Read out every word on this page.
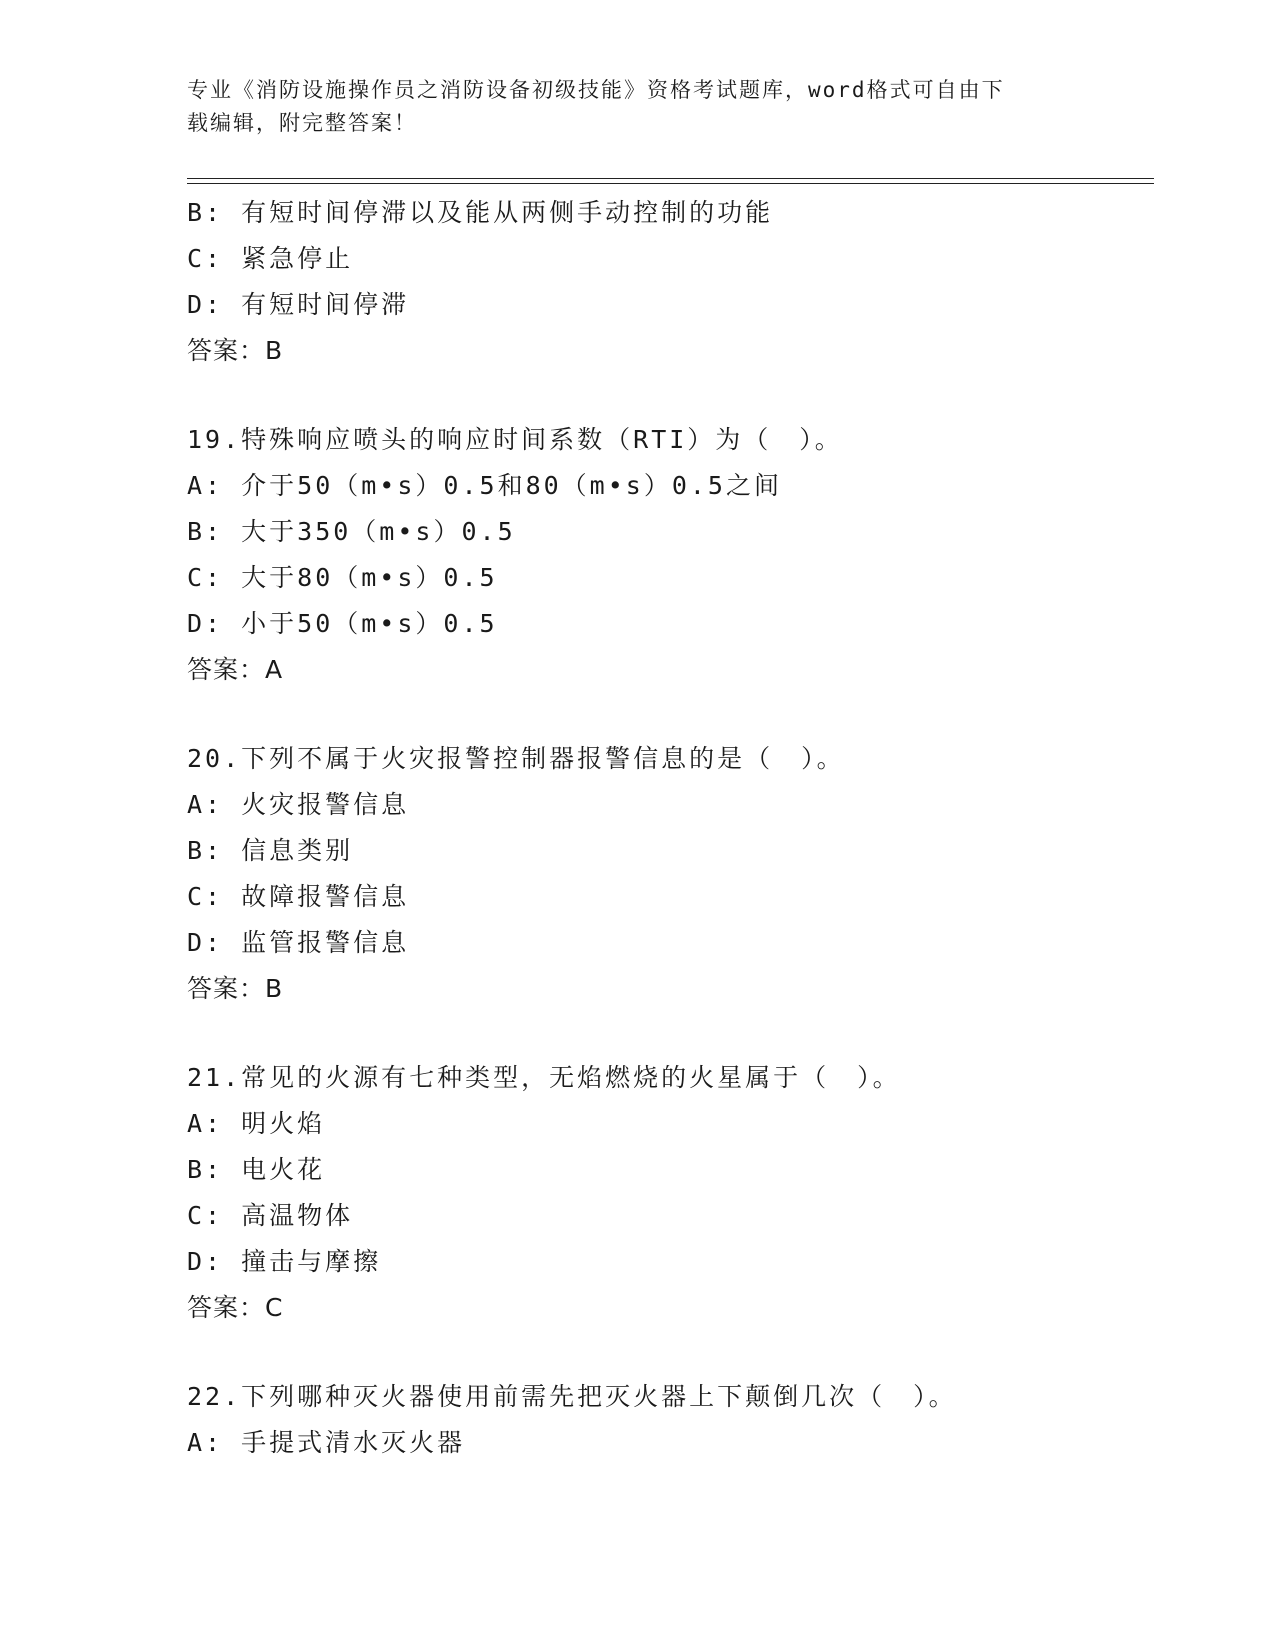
专业《消防设施操作员之消防设备初级技能》资格考试题库，word格式可自由下
载编辑，附完整答案！
B: 有短时间停滞以及能从两侧手动控制的功能
C: 紧急停止
D: 有短时间停滞
答案：B
19.特殊响应喷头的响应时间系数（RTI）为（　）。
A: 介于50（m•s）0.5和80（m•s）0.5之间
B: 大于350（m•s）0.5
C: 大于80（m•s）0.5
D: 小于50（m•s）0.5
答案：A
20.下列不属于火灾报警控制器报警信息的是（　）。
A: 火灾报警信息
B: 信息类别
C: 故障报警信息
D: 监管报警信息
答案：B
21.常见的火源有七种类型，无焰燃烧的火星属于（　）。
A: 明火焰
B: 电火花
C: 高温物体
D: 撞击与摩擦
答案：C
22.下列哪种灭火器使用前需先把灭火器上下颠倒几次（　）。
A: 手提式清水灭火器
